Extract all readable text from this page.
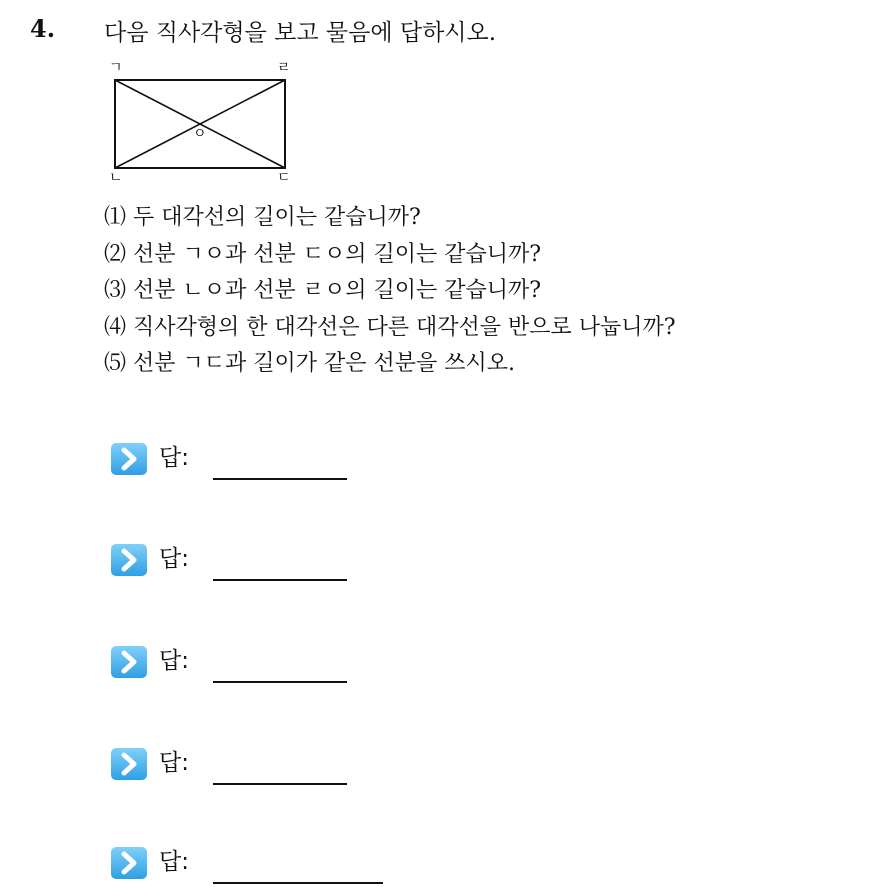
4. 다음 직사각형을 보고 물음에 답하시오.
ㄱ	ㄹ
ㄴ	ㄷ
ㅇ
⑴ 두 대각선의 길이는 같습니까?
⑵ 선분 ㄱㅇ과 선분 ㄷㅇ의 길이는 같습니까?
⑶ 선분 ㄴㅇ과 선분 ㄹㅇ의 길이는 같습니까?
⑷ 직사각형의 한 대각선은 다른 대각선을 반으로 나눕니까?
⑸ 선분 ㄱㄷ과 길이가 같은 선분을 쓰시오.
답:
답:
답:
답:
답:
